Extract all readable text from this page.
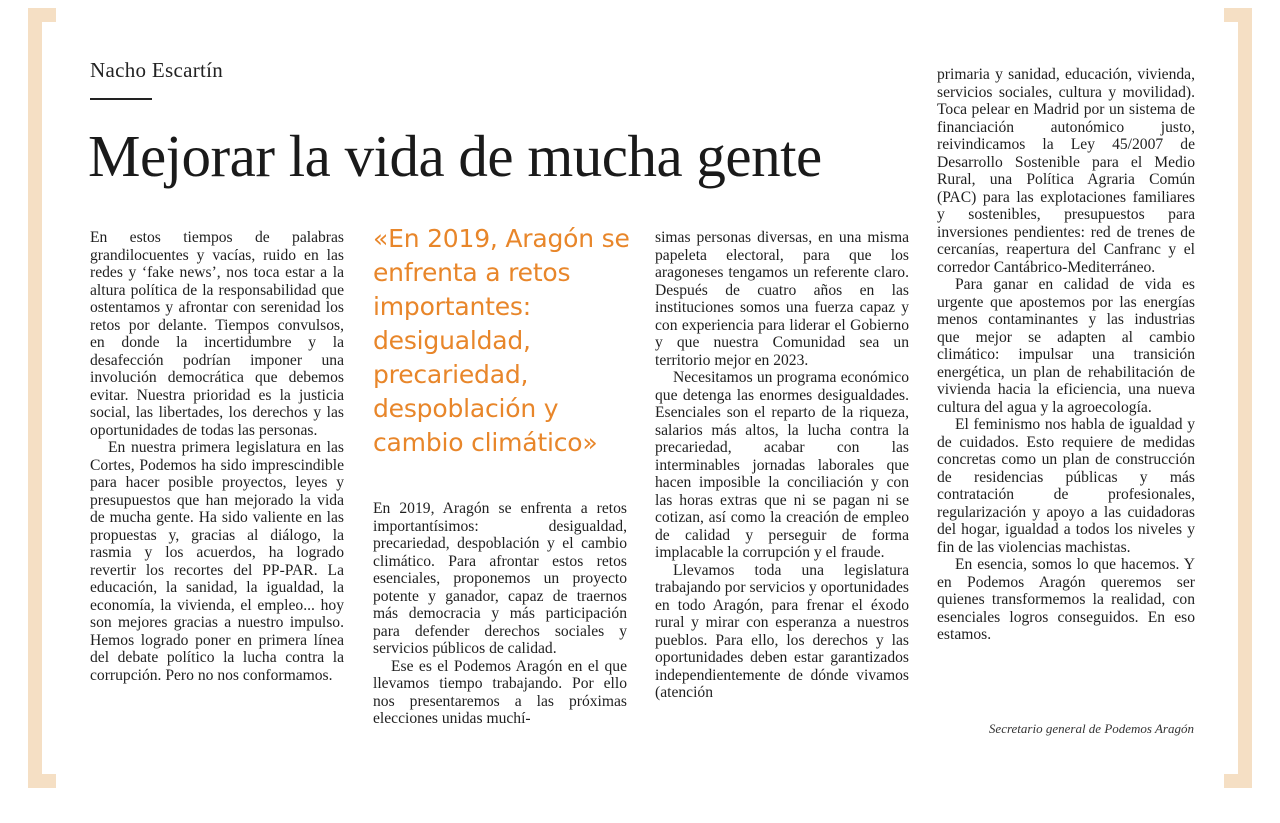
Nacho Escartín
Mejorar la vida de mucha gente

En estos tiempos de palabras grandilocuentes y vacías, ruido en las redes y ‘fake news’, nos toca estar a la altura política de la responsabilidad que ostentamos y afrontar con serenidad los retos por delante. Tiempos convulsos, en donde la incertidumbre y la desafección podrían imponer una involución democrática que debemos evitar. Nuestra prioridad es la justicia social, las libertades, los derechos y las oportunidades de todas las personas.

En nuestra primera legislatura en las Cortes, Podemos ha sido imprescindible para hacer posible proyectos, leyes y presupuestos que han mejorado la vida de mucha gente. Ha sido valiente en las propuestas y, gracias al diálogo, la rasmia y los acuerdos, ha logrado revertir los recortes del PP-PAR. La educación, la sanidad, la igualdad, la economía, la vivienda, el empleo... hoy son mejores gracias a nuestro impulso. Hemos logrado poner en primera línea del debate político la lucha contra la corrupción. Pero no nos conformamos.

«En 2019, Aragón se enfrenta a retos importantes: desigualdad, precariedad, despoblación y cambio climático»

En 2019, Aragón se enfrenta a retos importantísimos: desigualdad, precariedad, despoblación y el cambio climático. Para afrontar estos retos esenciales, proponemos un proyecto potente y ganador, capaz de traernos más democracia y más participación para defender derechos sociales y servicios públicos de calidad.

Ese es el Podemos Aragón en el que llevamos tiempo trabajando. Por ello nos presentaremos a las próximas elecciones unidas muchí-

simas personas diversas, en una misma papeleta electoral, para que los aragoneses tengamos un referente claro. Después de cuatro años en las instituciones somos una fuerza capaz y con experiencia para liderar el Gobierno y que nuestra Comunidad sea un territorio mejor en 2023.

Necesitamos un programa económico que detenga las enormes desigualdades. Esenciales son el reparto de la riqueza, salarios más altos, la lucha contra la precariedad, acabar con las interminables jornadas laborales que hacen imposible la conciliación y con las horas extras que ni se pagan ni se cotizan, así como la creación de empleo de calidad y perseguir de forma implacable la corrupción y el fraude.

Llevamos toda una legislatura trabajando por servicios y oportunidades en todo Aragón, para frenar el éxodo rural y mirar con esperanza a nuestros pueblos. Para ello, los derechos y las oportunidades deben estar garantizados independientemente de dónde vivamos (atención

primaria y sanidad, educación, vivienda, servicios sociales, cultura y movilidad). Toca pelear en Madrid por un sistema de financiación autonómico justo, reivindicamos la Ley 45/2007 de Desarrollo Sostenible para el Medio Rural, una Política Agraria Común (PAC) para las explotaciones familiares y sostenibles, presupuestos para inversiones pendientes: red de trenes de cercanías, reapertura del Canfranc y el corredor Cantábrico-Mediterráneo.

Para ganar en calidad de vida es urgente que apostemos por las energías menos contaminantes y las industrias que mejor se adapten al cambio climático: impulsar una transición energética, un plan de rehabilitación de vivienda hacia la eficiencia, una nueva cultura del agua y la agroecología.

El feminismo nos habla de igualdad y de cuidados. Esto requiere de medidas concretas como un plan de construcción de residencias públicas y más contratación de profesionales, regularización y apoyo a las cuidadoras del hogar, igualdad a todos los niveles y fin de las violencias machistas.

En esencia, somos lo que hacemos. Y en Podemos Aragón queremos ser quienes transformemos la realidad, con esenciales logros conseguidos. En eso estamos.

Secretario general de Podemos Aragón
